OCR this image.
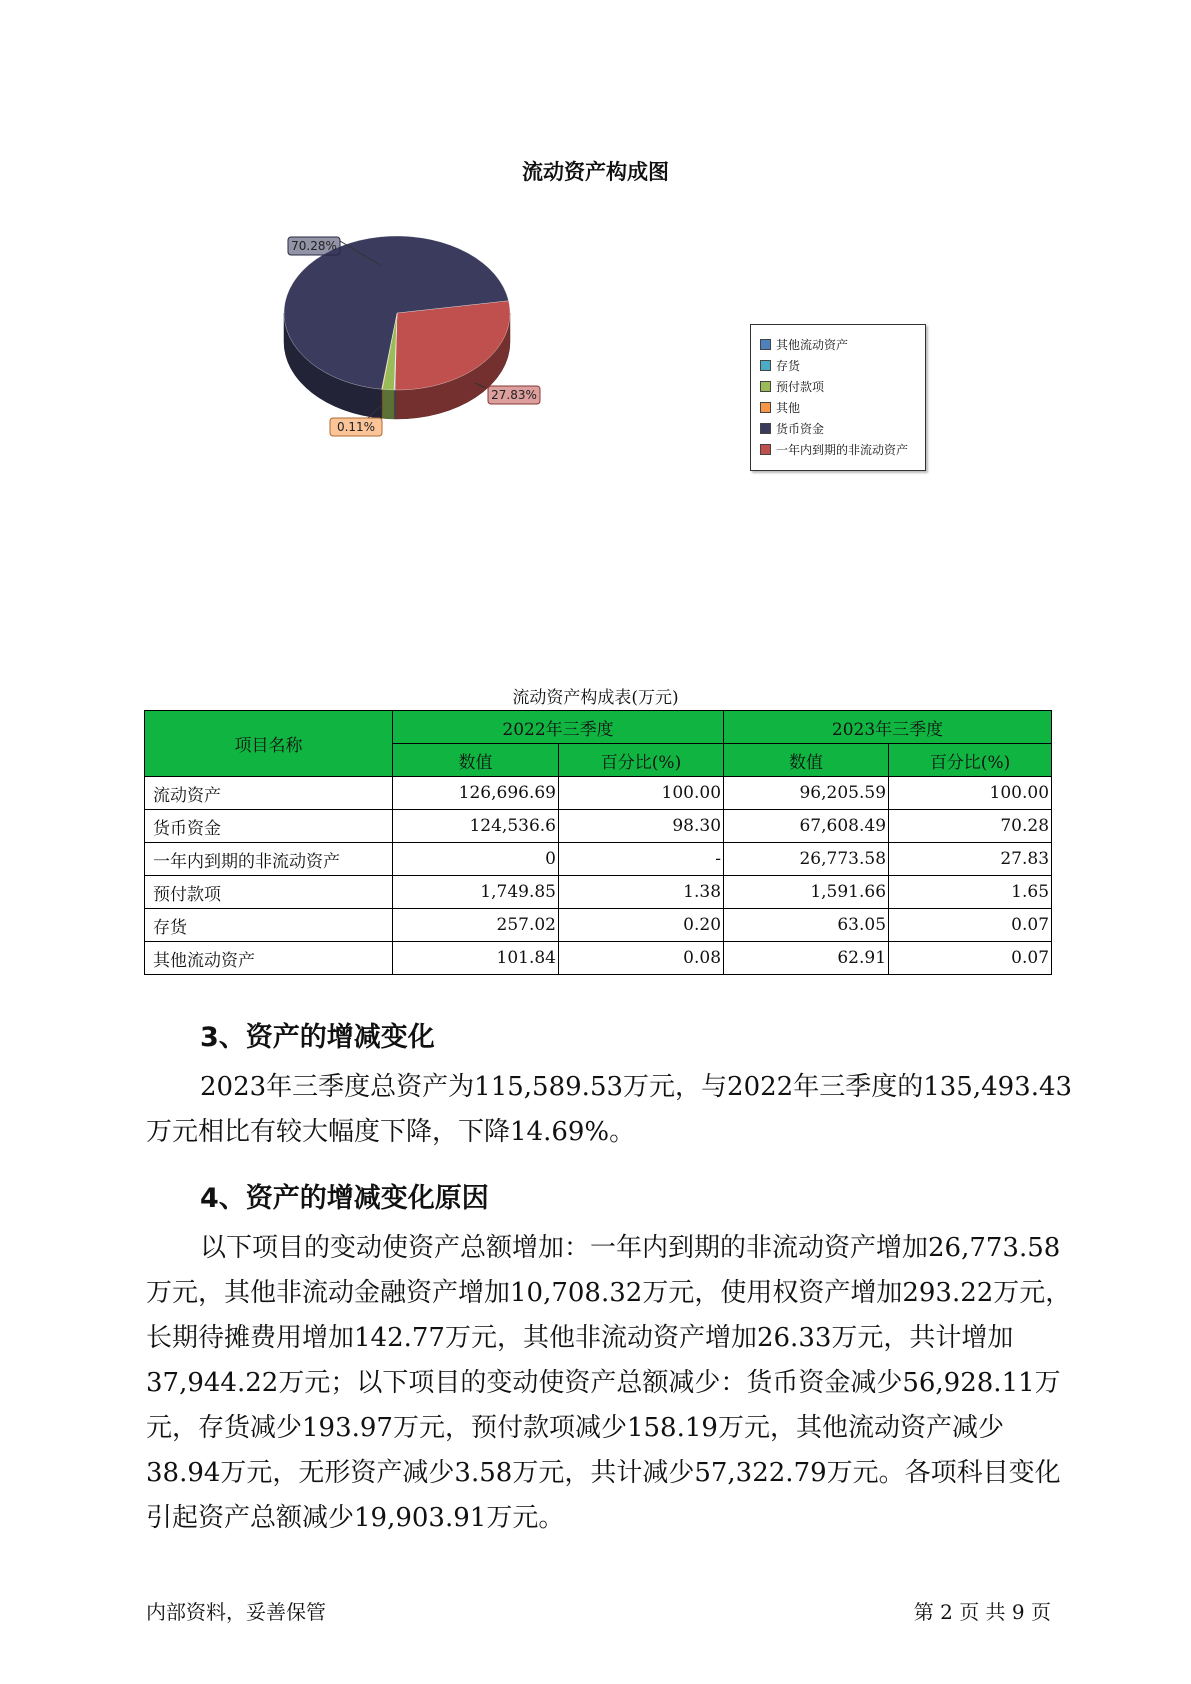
流动资产构成图
27.83%
0.11%
70.28%
其他流动资产
存货
预付款项
其他
货币资金
一年内到期的非流动资产
流动资产构成表(万元)
项目名称	2022年三季度		2023年三季度	
	数值	百分比(%)	数值	百分比(%)
流动资产	126,696.69	100.00	96,205.59	100.00
货币资金	124,536.6	98.30	67,608.49	70.28
一年内到期的非流动资产	0	-	26,773.58	27.83
预付款项	1,749.85	1.38	1,591.66	1.65
存货	257.02	0.20	63.05	0.07
其他流动资产	101.84	0.08	62.91	0.07
3、资产的增减变化
2023年三季度总资产为115,589.53万元，与2022年三季度的135,493.43万元相比有较大幅度下降，下降14.69%。
4、资产的增减变化原因
以下项目的变动使资产总额增加：一年内到期的非流动资产增加26,773.58万元，其他非流动金融资产增加10,708.32万元，使用权资产增加293.22万元，长期待摊费用增加142.77万元，其他非流动资产增加26.33万元，共计增加37,944.22万元；以下项目的变动使资产总额减少：货币资金减少56,928.11万元，存货减少193.97万元，预付款项减少158.19万元，其他流动资产减少38.94万元，无形资产减少3.58万元，共计减少57,322.79万元。各项科目变化引起资产总额减少19,903.91万元。
内部资料，妥善保管	第 2 页 共 9 页
